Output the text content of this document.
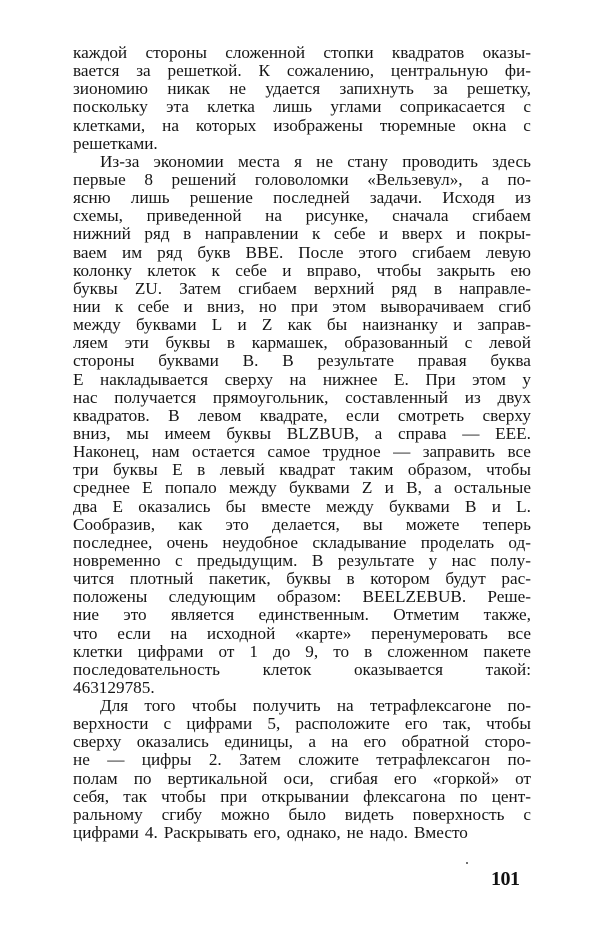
каждой стороны сложенной стопки квадратов оказы-
вается за решеткой. К сожалению, центральную фи-
зиономию никак не удается запихнуть за решетку,
поскольку эта клетка лишь углами соприкасается с
клетками, на которых изображены тюремные окна с
решетками.
Из-за экономии места я не стану проводить здесь
первые 8 решений головоломки «Вельзевул», а по-
ясню лишь решение последней задачи. Исходя из
схемы, приведенной на рисунке, сначала сгибаем
нижний ряд в направлении к себе и вверх и покры-
ваем им ряд букв BBE. После этого сгибаем левую
колонку клеток к себе и вправо, чтобы закрыть ею
буквы ZU. Затем сгибаем верхний ряд в направле-
нии к себе и вниз, но при этом выворачиваем сгиб
между буквами L и Z как бы наизнанку и заправ-
ляем эти буквы в кармашек, образованный с левой
стороны буквами B. В результате правая буква
E накладывается сверху на нижнее E. При этом у
нас получается прямоугольник, составленный из двух
квадратов. В левом квадрате, если смотреть сверху
вниз, мы имеем буквы BLZBUB, а справа — EEE.
Наконец, нам остается самое трудное — заправить все
три буквы E в левый квадрат таким образом, чтобы
среднее E попало между буквами Z и B, а остальные
два E оказались бы вместе между буквами B и L.
Сообразив, как это делается, вы можете теперь
последнее, очень неудобное складывание проделать од-
новременно с предыдущим. В результате у нас полу-
чится плотный пакетик, буквы в котором будут рас-
положены следующим образом: BEELZEBUB. Реше-
ние это является единственным. Отметим также,
что если на исходной «карте» перенумеровать все
клетки цифрами от 1 до 9, то в сложенном пакете
последовательность клеток оказывается такой:
463129785.
Для того чтобы получить на тетрафлексагоне по-
верхности с цифрами 5, расположите его так, чтобы
сверху оказались единицы, а на его обратной сторо-
не — цифры 2. Затем сложите тетрафлексагон по-
полам по вертикальной оси, сгибая его «горкой» от
себя, так чтобы при открывании флексагона по цент-
ральному сгибу можно было видеть поверхность с
цифрами 4. Раскрывать его, однако, не надо. Вместо
101
